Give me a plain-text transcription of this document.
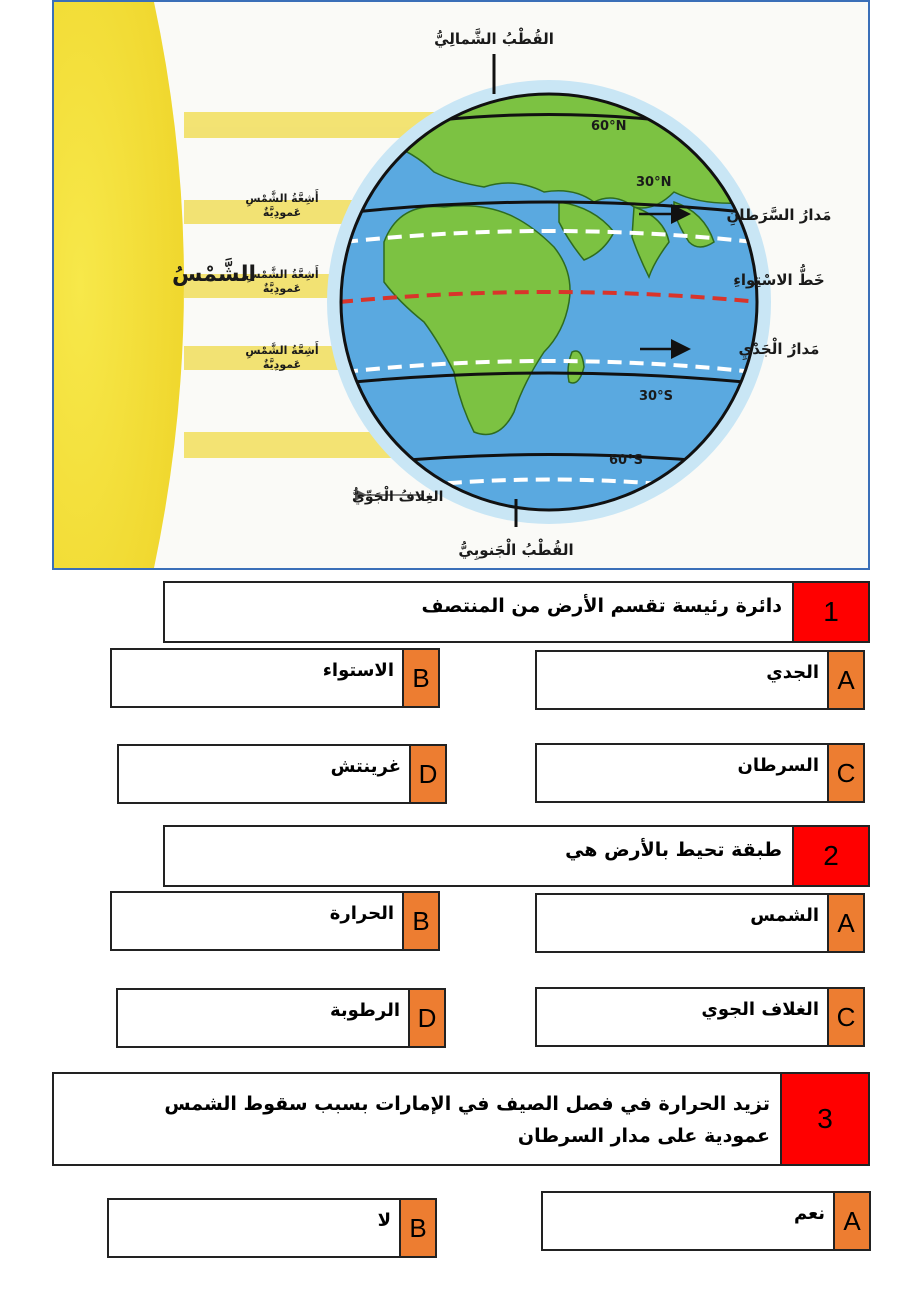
60°N
30°N
30°S
60°S
الشَّمْسُ
القُطْبُ الشَّمالِيُّ
القُطْبُ الْجَنوبِيُّ
مَدارُ السَّرَطانِ
خَطُّ الاسْتِواءِ
مَدارُ الْجَدْيِ
الغِلافُ الْجَوِّيُّ
أَشِعَّةُ الشَّمْسِ
عَمودِيَّةٌ
أَشِعَّةُ الشَّمْسِ
عَمودِيَّةٌ
أَشِعَّةُ الشَّمْسِ
عَمودِيَّةٌ
1
دائرة رئيسة تقسم الأرض من المنتصف
A
الجدي
B
الاستواء
C
السرطان
D
غرينتش
2
طبقة تحيط بالأرض هي
A
الشمس
B
الحرارة
C
الغلاف الجوي
D
الرطوبة
3
تزيد الحرارة في فصل الصيف في الإمارات بسبب سقوط الشمس
عمودية على مدار السرطان
A
نعم
B
لا
